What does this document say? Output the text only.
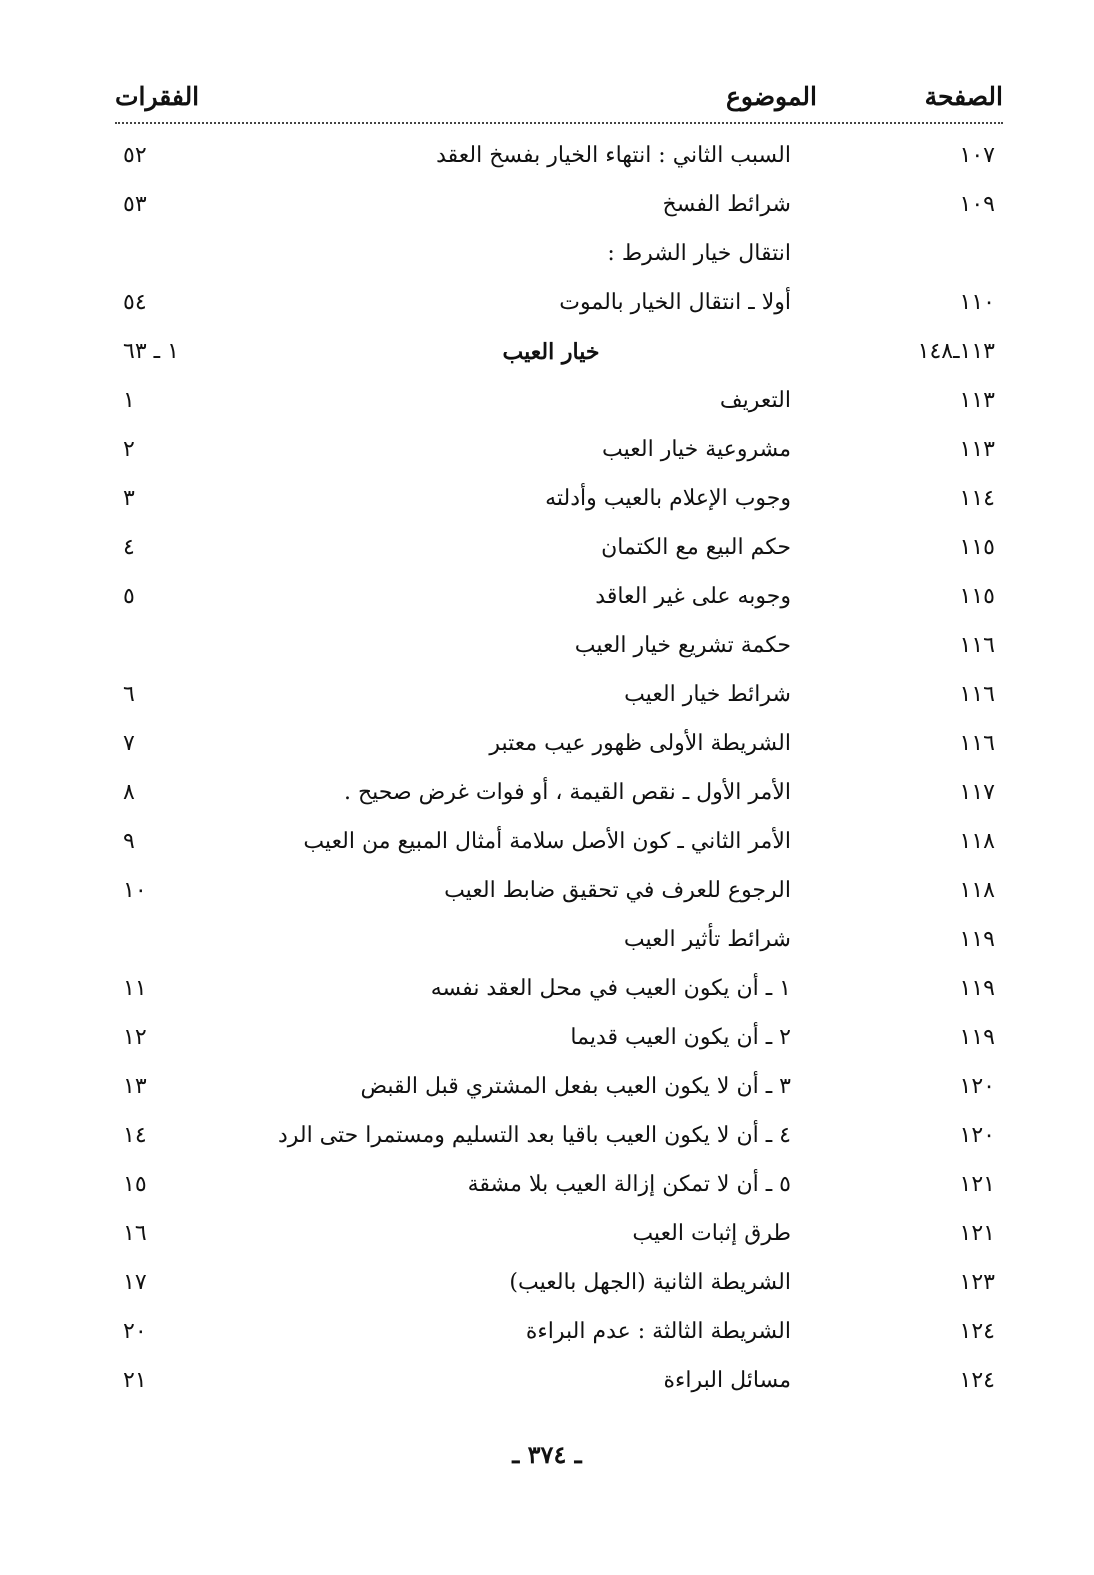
الصفحة
الموضوع
الفقرات
١٠٧
السبب الثاني : انتهاء الخيار بفسخ العقد
٥٢
١٠٩
شرائط الفسخ
٥٣
انتقال خيار الشرط :
١١٠
أولا ـ انتقال الخيار بالموت
٥٤
١١٣ـ١٤٨
خيار العيب
١ ـ ٦٣
١١٣
التعريف
١
١١٣
مشروعية خيار العيب
٢
١١٤
وجوب الإعلام بالعيب وأدلته
٣
١١٥
حكم البيع مع الكتمان
٤
١١٥
وجوبه على غير العاقد
٥
١١٦
حكمة تشريع خيار العيب
١١٦
شرائط خيار العيب
٦
١١٦
الشريطة الأولى ظهور عيب معتبر
٧
١١٧
الأمر الأول ـ نقص القيمة ، أو فوات غرض صحيح .
٨
١١٨
الأمر الثاني ـ كون الأصل سلامة أمثال المبيع من العيب
٩
١١٨
الرجوع للعرف في تحقيق ضابط العيب
١٠
١١٩
شرائط تأثير العيب
١١٩
١ ـ أن يكون العيب في محل العقد نفسه
١١
١١٩
٢ ـ أن يكون العيب قديما
١٢
١٢٠
٣ ـ أن لا يكون العيب بفعل المشتري قبل القبض
١٣
١٢٠
٤ ـ أن لا يكون العيب باقيا بعد التسليم ومستمرا حتى الرد
١٤
١٢١
٥ ـ أن لا تمكن إزالة العيب بلا مشقة
١٥
١٢١
طرق إثبات العيب
١٦
١٢٣
الشريطة الثانية (الجهل بالعيب)
١٧
١٢٤
الشريطة الثالثة : عدم البراءة
٢٠
١٢٤
مسائل البراءة
٢١
ـ ٣٧٤ ـ
